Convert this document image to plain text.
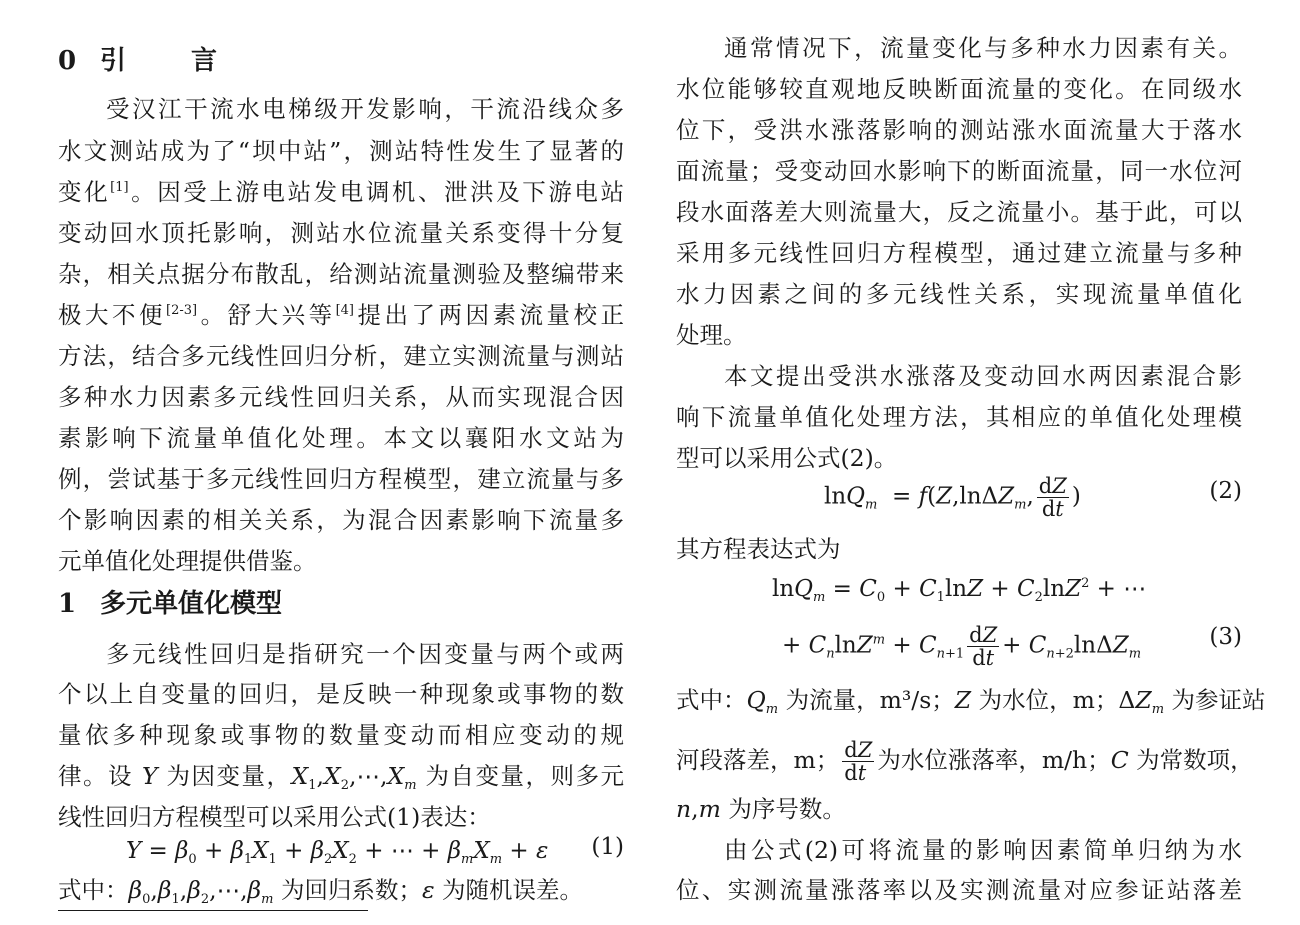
0 引 言
受汉江干流水电梯级开发影响，干流沿线众多
水文测站成为了“坝中站”，测站特性发生了显著的
变化[1]。因受上游电站发电调机、泄洪及下游电站
变动回水顶托影响，测站水位流量关系变得十分复
杂，相关点据分布散乱，给测站流量测验及整编带来
极大不便[2-3]。舒大兴等[4]提出了两因素流量校正
方法，结合多元线性回归分析，建立实测流量与测站
多种水力因素多元线性回归关系，从而实现混合因
素影响下流量单值化处理。本文以襄阳水文站为
例，尝试基于多元线性回归方程模型，建立流量与多
个影响因素的相关关系，为混合因素影响下流量多
元单值化处理提供借鉴。
1 多元单值化模型
多元线性回归是指研究一个因变量与两个或两
个以上自变量的回归，是反映一种现象或事物的数
量依多种现象或事物的数量变动而相应变动的规
律。设 Y 为因变量，$X_1,X_2,\cdots,X_m$ 为自变量，则多元
线性回归方程模型可以采用公式(1)表达：
$Y = \beta_0 + \beta_1X_1 + \beta_2X_2$ + ⋯ + $\beta_mX_m + \varepsilon$ (1)
式中：$\beta_0,\beta_1,\beta_2,\cdots,\beta_m$ 为回归系数；ε 为随机误差。
通常情况下，流量变化与多种水力因素有关。
水位能够较直观地反映断面流量的变化。在同级水
位下，受洪水涨落影响的测站涨水面流量大于落水
面流量；受变动回水影响下的断面流量，同一水位河
段水面落差大则流量大，反之流量小。基于此，可以
采用多元线性回归方程模型，通过建立流量与多种
水力因素之间的多元线性关系，实现流量单值化
处理。
本文提出受洪水涨落及变动回水两因素混合影
响下流量单值化处理方法，其相应的单值化处理模
型可以采用公式(2)。
lnQ$_m$  = f(Z,lnΔZ$_m$, $\frac{dZ}{dt}$ )	(2)
其方程表达式为
$\ln Q_m = C_0 + C_1\ln Z + C_2\ln Z^2$ + ⋯
+ $C_n\ln Z^m + C_{n+1} \frac{dZ}{dt} + C_{n+2}\ln\Delta Z_m$
(3)
式中：$Q_m$ 为流量，m³/s；Z 为水位，m；$\Delta Z_m$ 为参证站
河段落差，m； $\frac{dZ}{dt}$ 为水位涨落率，m/h；C 为常数项，
n,m 为序号数。
由公式(2)可将流量的影响因素简单归纳为水
位、实测流量涨落率以及实测流量对应参证站落差
